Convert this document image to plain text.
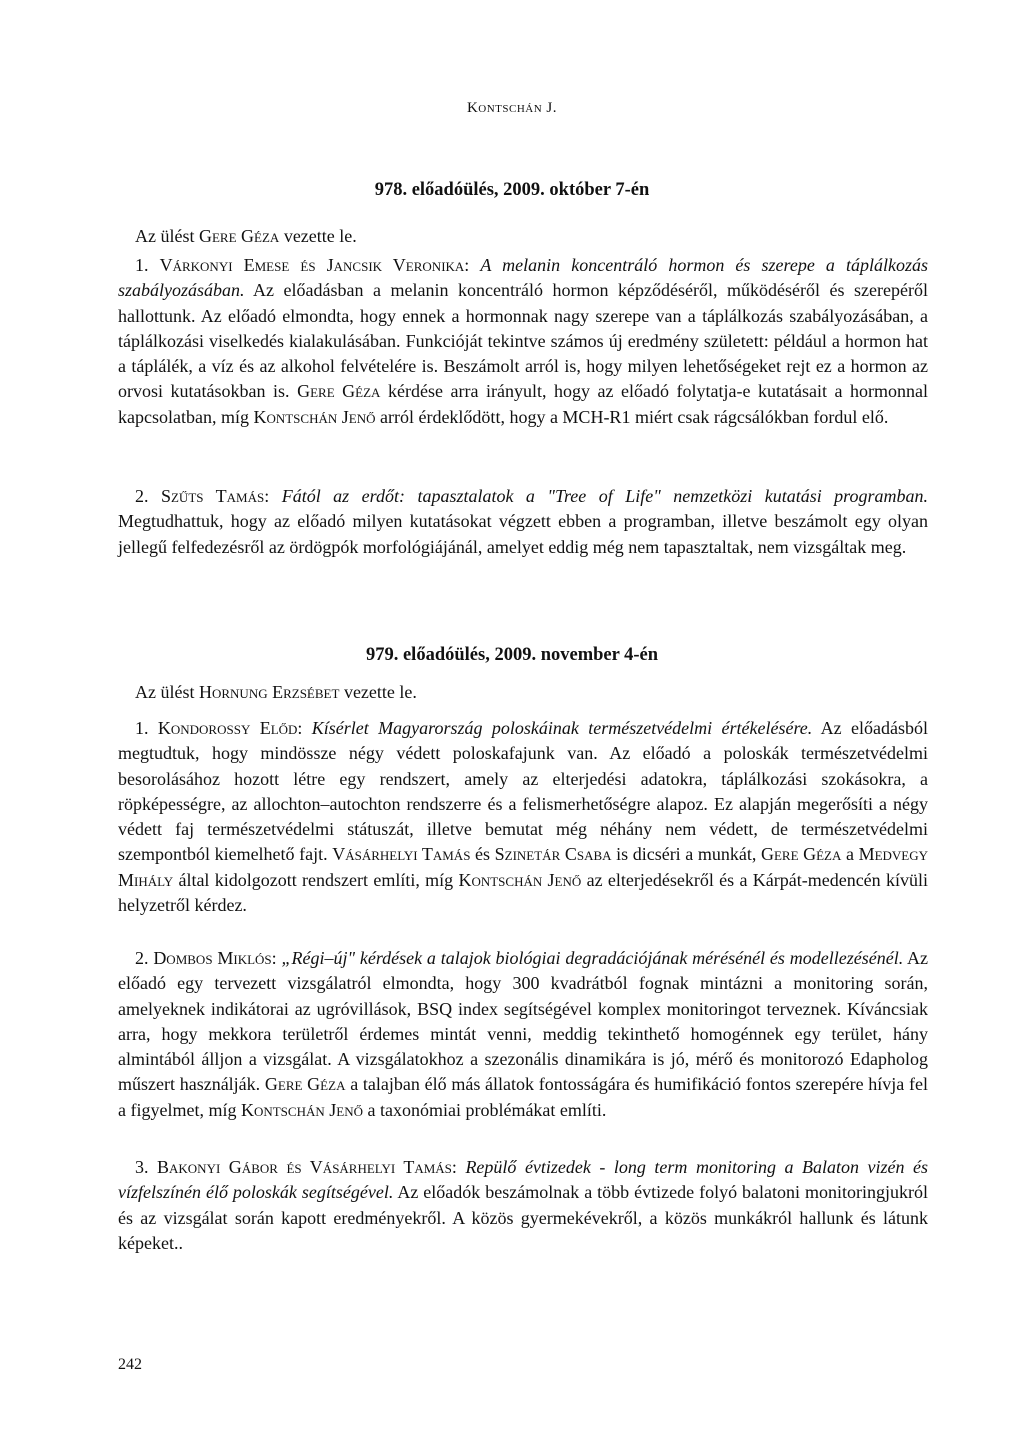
Kontschán J.
978. előadóülés, 2009. október 7-én
Az ülést Gere Géza vezette le.
1. Várkonyi Emese és Jancsik Veronika: A melanin koncentráló hormon és szerepe a táplálkozás szabályozásában. Az előadásban a melanin koncentráló hormon képződéséről, működéséről és szerepéről hallottunk. Az előadó elmondta, hogy ennek a hormonnak nagy szerepe van a táplálkozás szabályozásában, a táplálkozási viselkedés kialakulásában. Funkcióját tekintve számos új eredmény született: például a hormon hat a táplálék, a víz és az alkohol felvételére is. Beszámolt arról is, hogy milyen lehetőségeket rejt ez a hormon az orvosi kutatásokban is. Gere Géza kérdése arra irányult, hogy az előadó folytatja-e kutatásait a hormonnal kapcsolatban, míg Kontschán Jenő arról érdeklődött, hogy a MCH-R1 miért csak rágcsálókban fordul elő.
2. Szűts Tamás: Fától az erdőt: tapasztalatok a "Tree of Life" nemzetközi kutatási programban. Megtudhattuk, hogy az előadó milyen kutatásokat végzett ebben a programban, illetve beszámolt egy olyan jellegű felfedezésről az ördögpók morfológiájánál, amelyet eddig még nem tapasztaltak, nem vizsgáltak meg.
979. előadóülés, 2009. november 4-én
Az ülést Hornung Erzsébet vezette le.
1. Kondorossy Előd: Kísérlet Magyarország poloskáinak természetvédelmi értékelésére. Az előadásból megtudtuk, hogy mindössze négy védett poloskafajunk van. Az előadó a poloskák természetvédelmi besorolásához hozott létre egy rendszert, amely az elterjedési adatokra, táplálkozási szokásokra, a röpképességre, az allochton–autochton rendszerre és a felismerhetőségre alapoz. Ez alapján megerősíti a négy védett faj természetvédelmi státuszát, illetve bemutat még néhány nem védett, de természetvédelmi szempontból kiemelhető fajt. Vásárhelyi Tamás és Szinetár Csaba is dicséri a munkát, Gere Géza a Medvegy Mihály által kidolgozott rendszert említi, míg Kontschán Jenő az elterjedésekről és a Kárpát-medencén kívüli helyzetről kérdez.
2. Dombos Miklós: „Régi–új" kérdések a talajok biológiai degradációjának mérésénél és modellezésénél. Az előadó egy tervezett vizsgálatról elmondta, hogy 300 kvadrátból fognak mintázni a monitoring során, amelyeknek indikátorai az ugróvillások, BSQ index segítségével komplex monitoringot terveznek. Kíváncsiak arra, hogy mekkora területről érdemes mintát venni, meddig tekinthető homogénnek egy terület, hány almintából álljon a vizsgálat. A vizsgálatokhoz a szezonális dinamikára is jó, mérő és monitorozó Edapholog műszert használják. Gere Géza a talajban élő más állatok fontosságára és humifikáció fontos szerepére hívja fel a figyelmet, míg Kontschán Jenő a taxonómiai problémákat említi.
3. Bakonyi Gábor és Vásárhelyi Tamás: Repülő évtizedek - long term monitoring a Balaton vizén és vízfelszínén élő poloskák segítségével. Az előadók beszámolnak a több évtizede folyó balatoni monitoringjukról és az vizsgálat során kapott eredményekről. A közös gyermekévekről, a közös munkákról hallunk és látunk képeket..
242
